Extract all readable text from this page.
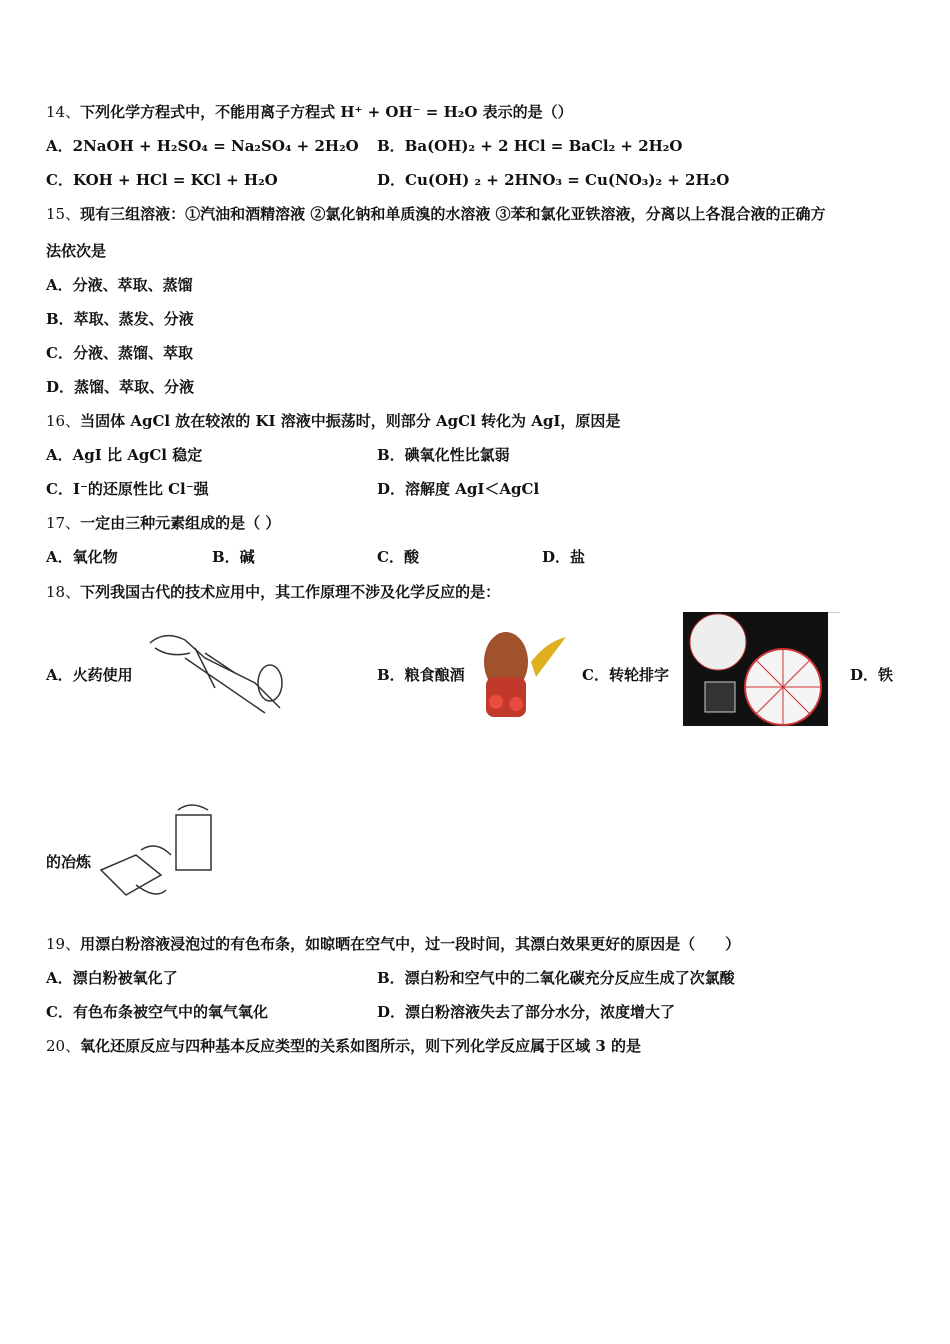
14、下列化学方程式中，不能用离子方程式 H⁺ + OH⁻ = H₂O 表示的是（）
A．2NaOH + H₂SO₄ = Na₂SO₄ + 2H₂O B．Ba(OH)₂ + 2 HCl = BaCl₂ + 2H₂O
C．KOH + HCl = KCl + H₂O	D．Cu(OH) ₂ + 2HNO₃ = Cu(NO₃)₂ + 2H₂O
15、现有三组溶液：①汽油和酒精溶液 ②氯化钠和单质溴的水溶液 ③苯和氯化亚铁溶液，分离以上各混合液的正确方
法依次是
A．分液、萃取、蒸馏
B．萃取、蒸发、分液
C．分液、蒸馏、萃取
D．蒸馏、萃取、分液
16、当固体 AgCl 放在较浓的 KI 溶液中振荡时，则部分 AgCl 转化为 AgI，原因是
A．AgI 比 AgCl 稳定	B．碘氧化性比氯弱
C．I⁻的还原性比 Cl⁻强	D．溶解度 AgI＜AgCl
17、一定由三种元素组成的是（ ）
A．氧化物	B．碱	C．酸	D．盐
18、下列我国古代的技术应用中，其工作原理不涉及化学反应的是：
A．火药使用	B．粮食酿酒	C．转轮排字	D．铁
的冶炼
19、用漂白粉溶液浸泡过的有色布条，如晾晒在空气中，过一段时间，其漂白效果更好的原因是（　　）
A．漂白粉被氧化了	B．漂白粉和空气中的二氧化碳充分反应生成了次氯酸
C．有色布条被空气中的氧气氧化	D．漂白粉溶液失去了部分水分，浓度增大了
20、氧化还原反应与四种基本反应类型的关系如图所示，则下列化学反应属于区域 3 的是
